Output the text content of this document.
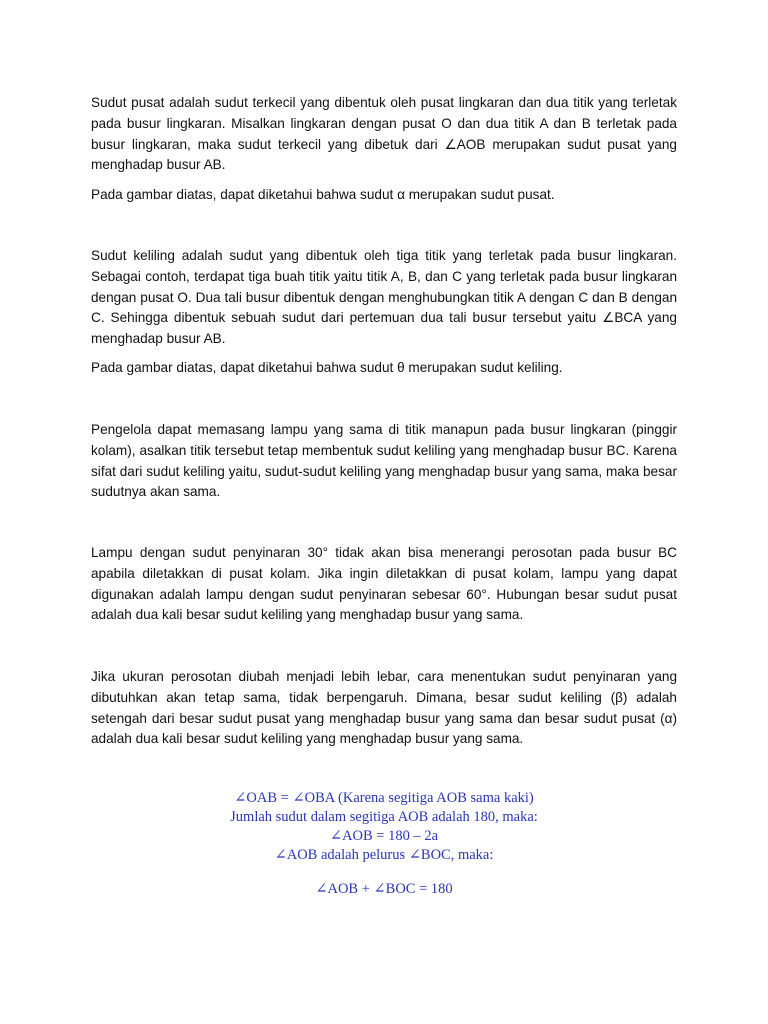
Sudut pusat adalah sudut terkecil yang dibentuk oleh pusat lingkaran dan dua titik yang terletak pada busur lingkaran. Misalkan lingkaran dengan pusat O dan dua titik A dan B terletak pada busur lingkaran, maka sudut terkecil yang dibetuk dari ∠AOB merupakan sudut pusat yang menghadap busur AB.

Pada gambar diatas, dapat diketahui bahwa sudut α merupakan sudut pusat.

Sudut keliling adalah sudut yang dibentuk oleh tiga titik yang terletak pada busur lingkaran. Sebagai contoh, terdapat tiga buah titik yaitu titik A, B, dan C yang terletak pada busur lingkaran dengan pusat O. Dua tali busur dibentuk dengan menghubungkan titik A dengan C dan B dengan C. Sehingga dibentuk sebuah sudut dari pertemuan dua tali busur tersebut yaitu ∠BCA yang menghadap busur AB.

Pada gambar diatas, dapat diketahui bahwa sudut θ merupakan sudut keliling.

Pengelola dapat memasang lampu yang sama di titik manapun pada busur lingkaran (pinggir kolam), asalkan titik tersebut tetap membentuk sudut keliling yang menghadap busur BC. Karena sifat dari sudut keliling yaitu, sudut-sudut keliling yang menghadap busur yang sama, maka besar sudutnya akan sama.

Lampu dengan sudut penyinaran 30° tidak akan bisa menerangi perosotan pada busur BC apabila diletakkan di pusat kolam. Jika ingin diletakkan di pusat kolam, lampu yang dapat digunakan adalah lampu dengan sudut penyinaran sebesar 60°. Hubungan besar sudut pusat adalah dua kali besar sudut keliling yang menghadap busur yang sama.

Jika ukuran perosotan diubah menjadi lebih lebar, cara menentukan sudut penyinaran yang dibutuhkan akan tetap sama, tidak berpengaruh. Dimana, besar sudut keliling (β) adalah setengah dari besar sudut pusat yang menghadap busur yang sama dan besar sudut pusat (α) adalah dua kali besar sudut keliling yang menghadap busur yang sama.

∠OAB = ∠OBA (Karena segitiga AOB sama kaki)
Jumlah sudut dalam segitiga AOB adalah 180, maka:
∠AOB = 180 – 2a
∠AOB adalah pelurus ∠BOC, maka:
∠AOB + ∠BOC = 180
